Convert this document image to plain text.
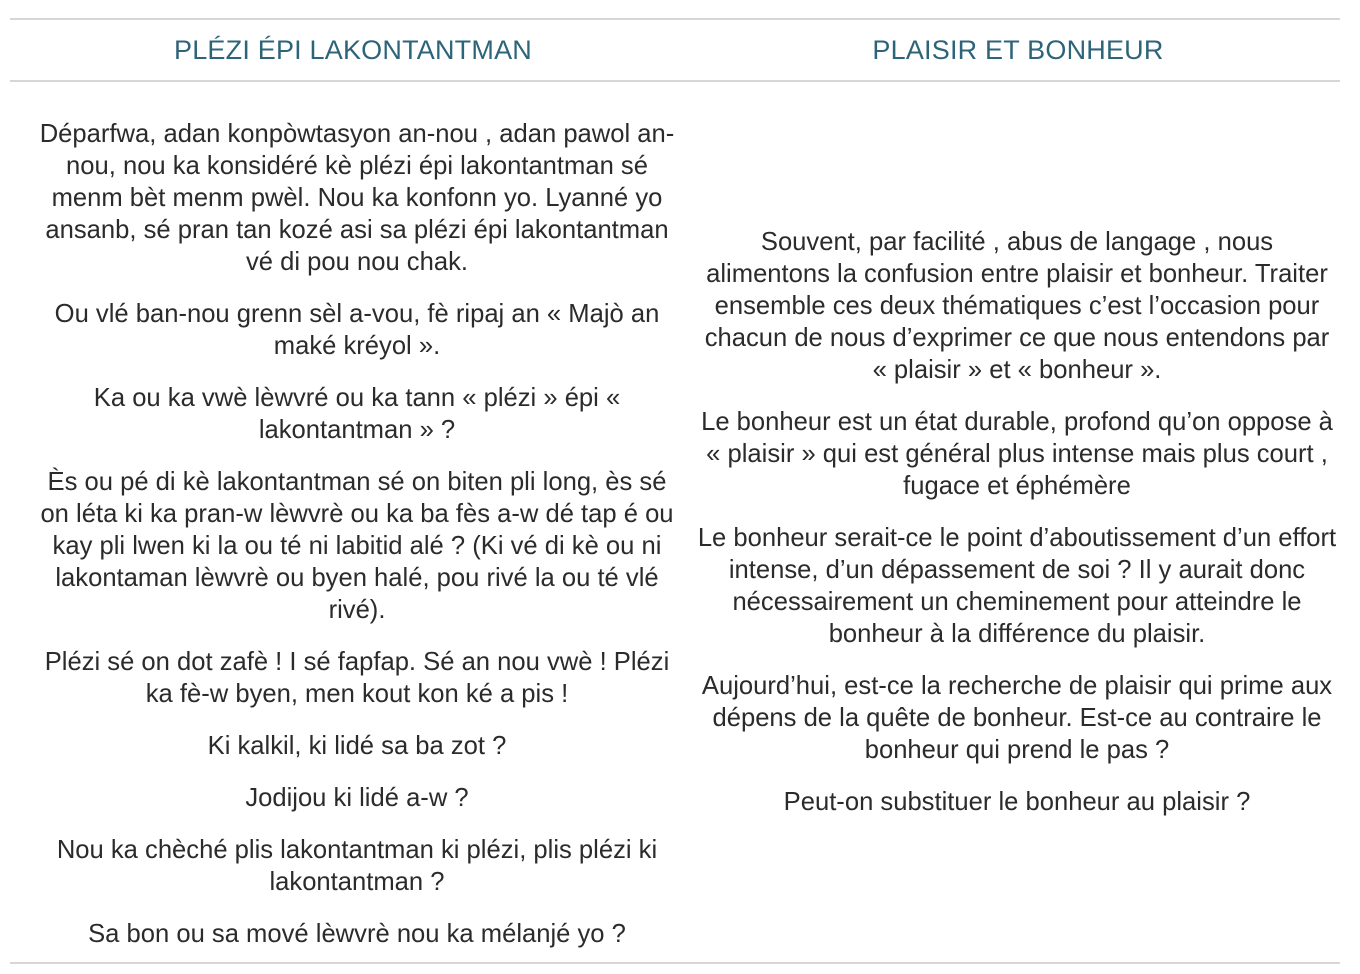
PLÉZI ÉPI LAKONTANTMAN	PLAISIR ET BONHEUR

Déparfwa, adan konpòwtasyon an-nou , adan pawol an- nou, nou ka konsidéré kè plézi épi lakontantman sé menm bèt menm pwèl. Nou ka konfonn yo. Lyanné yo ansanb, sé pran tan kozé asi sa plézi épi lakontantman vé di pou nou chak.

Ou vlé ban-nou grenn sèl a-vou, fè ripaj an « Majò an maké kréyol ».

Ka ou ka vwè lèwvré ou ka tann « plézi » épi « lakontantman » ?

Ès ou pé di kè lakontantman sé on biten pli long, ès sé on léta ki ka pran-w lèwvrè ou ka ba fès a-w dé tap é ou kay pli lwen ki la ou té ni labitid alé ? (Ki vé di kè ou ni lakontaman lèwvrè ou byen halé, pou rivé la ou té vlé rivé).

Plézi sé on dot zafè ! I sé fapfap. Sé an nou vwè ! Plézi ka fè-w byen, men kout kon ké a pis !

Ki kalkil, ki lidé sa ba zot ?

Jodijou ki lidé a-w ?

Nou ka chèché plis lakontantman ki plézi, plis plézi ki lakontantman ?

Sa bon ou sa mové lèwvrè nou ka mélanjé yo ?

Souvent, par facilité , abus de langage , nous alimentons la confusion entre plaisir et bonheur. Traiter ensemble ces deux thématiques c’est l’occasion pour chacun de nous d’exprimer ce que nous entendons par « plaisir » et « bonheur ».

Le bonheur est un état durable, profond qu’on oppose à « plaisir » qui est général plus intense mais plus court , fugace et éphémère

Le bonheur serait-ce le point d’aboutissement d’un effort intense, d’un dépassement de soi ? Il y aurait donc nécessairement un cheminement pour atteindre le bonheur à la différence du plaisir.

Aujourd’hui, est-ce la recherche de plaisir qui prime aux dépens de la quête de bonheur. Est-ce au contraire le bonheur qui prend le pas ?

Peut-on substituer le bonheur au plaisir ?
